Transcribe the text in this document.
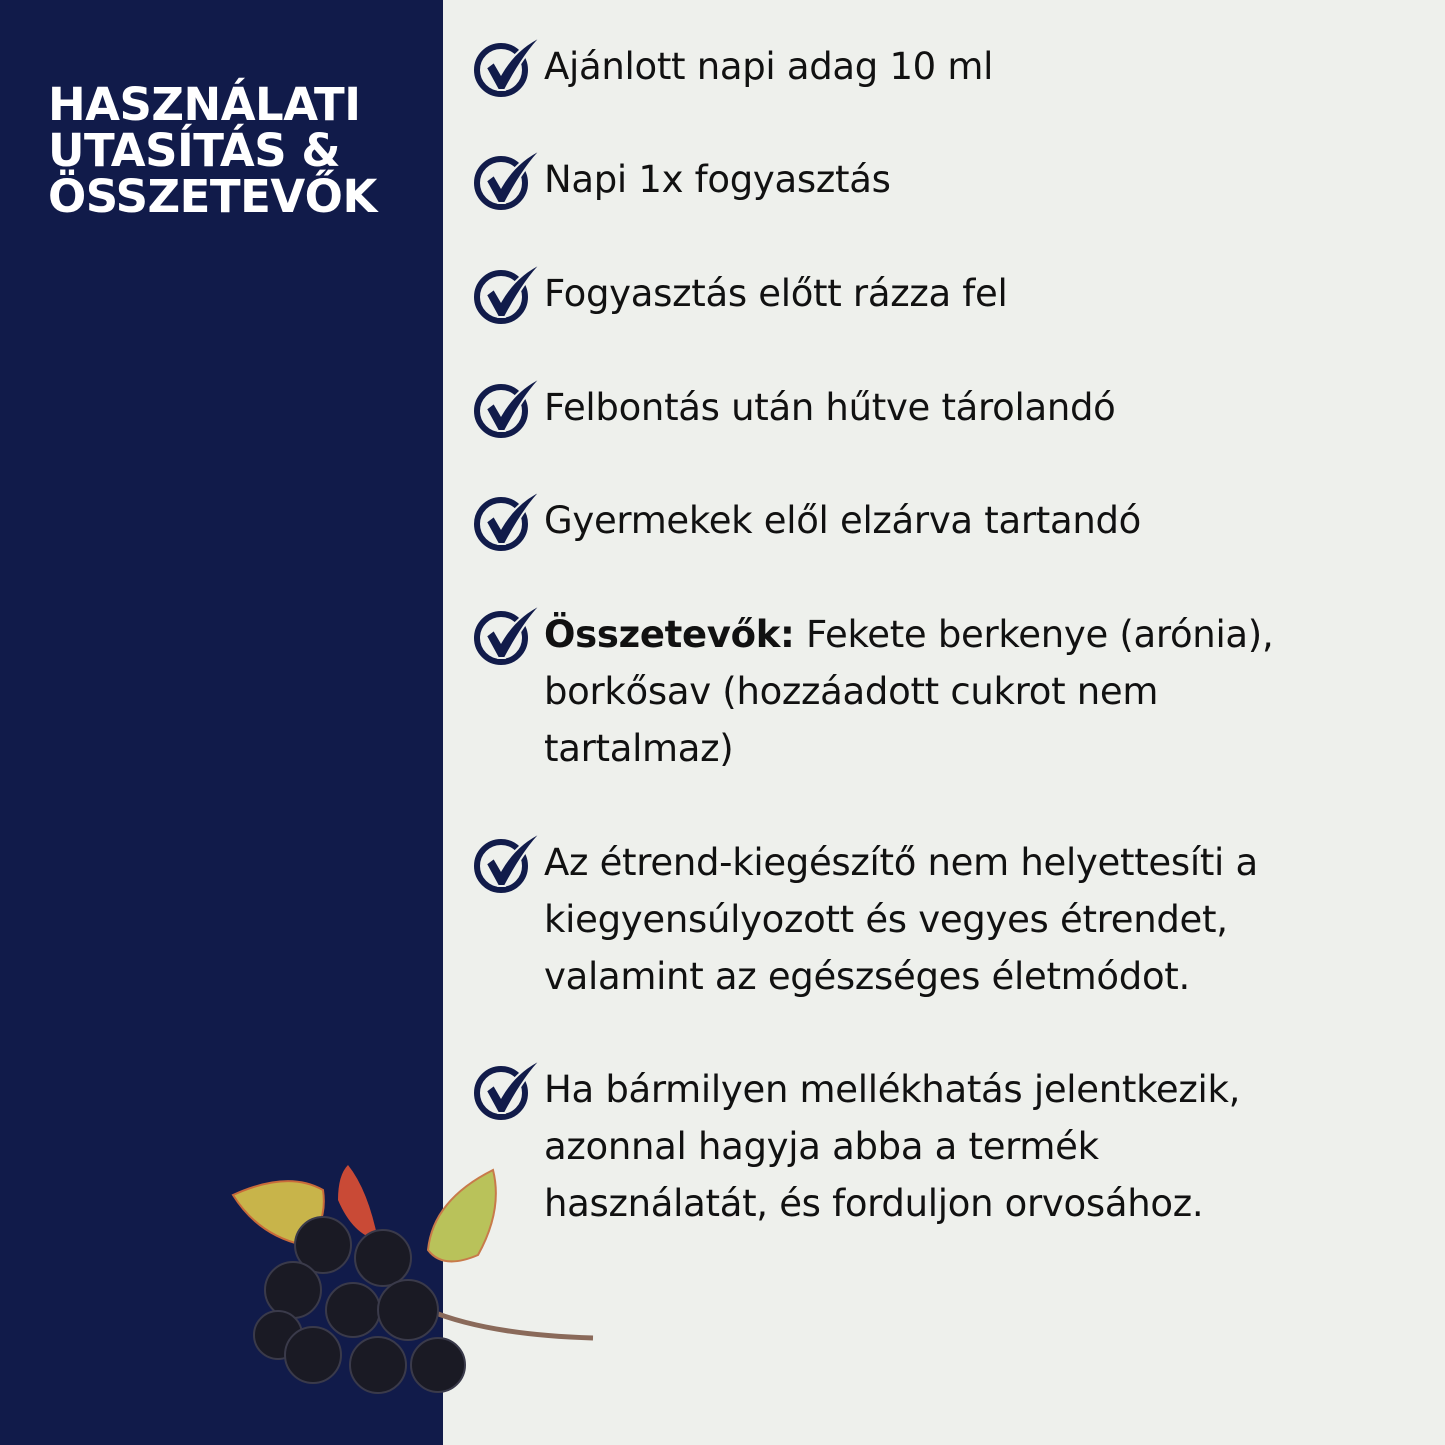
HASZNÁLATI
UTASÍTÁS &
ÖSSZETEVŐK
Ajánlott napi adag 10 ml
Napi 1x fogyasztás
Fogyasztás előtt rázza fel
Felbontás után hűtve tárolandó
Gyermekek elől elzárva tartandó
Összetevők: Fekete berkenye (arónia),
borkősav (hozzáadott cukrot nem
tartalmaz)
Az étrend-kiegészítő nem helyettesíti a
kiegyensúlyozott és vegyes étrendet,
valamint az egészséges életmódot.
Ha bármilyen mellékhatás jelentkezik,
azonnal hagyja abba a termék
használatát, és forduljon orvosához.
